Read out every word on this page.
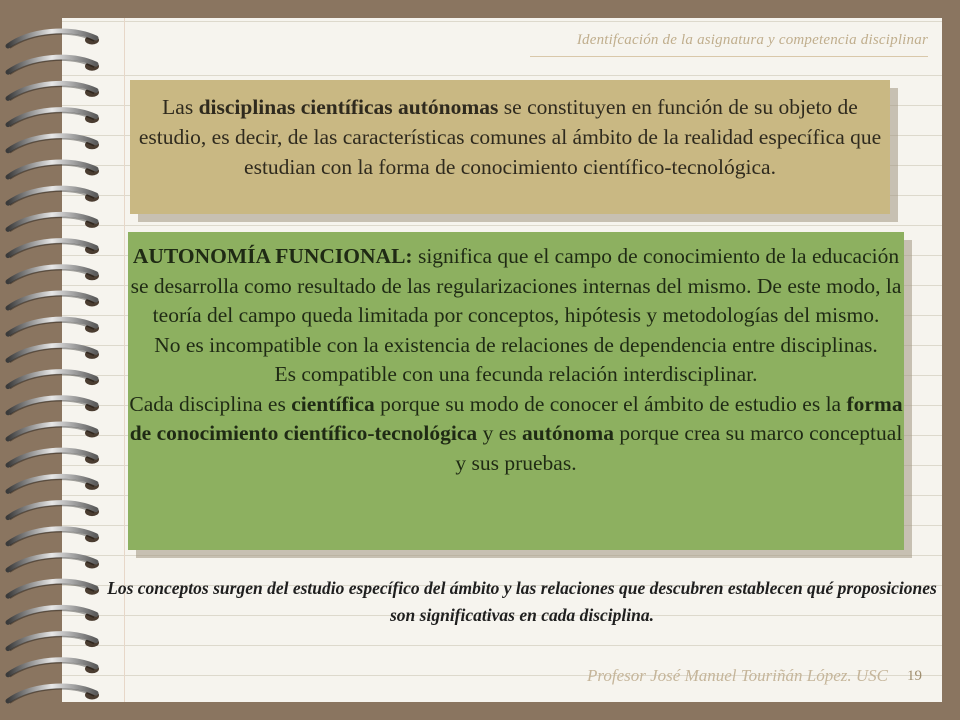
Identifcación de la asignatura y competencia disciplinar
Las disciplinas científicas autónomas se constituyen en función de su objeto de estudio, es decir, de las características comunes al ámbito de la realidad específica que estudian con la forma de conocimiento científico-tecnológica.

AUTONOMÍA FUNCIONAL: significa que el campo de conocimiento de la educación se desarrolla como resultado de las regularizaciones internas del mismo. De este modo, la teoría del campo queda limitada por conceptos, hipótesis y metodologías del mismo.

No es incompatible con la existencia de relaciones de dependencia entre disciplinas.

Es compatible con una fecunda relación interdisciplinar.

Cada disciplina es científica porque su modo de conocer el ámbito de estudio es la forma de conocimiento científico-tecnológica y es autónoma porque crea su marco conceptual y sus pruebas.

Los conceptos surgen del estudio específico del ámbito y las relaciones que descubren establecen qué proposiciones son significativas en cada disciplina.
Profesor José Manuel Touriñán López. USC 19
